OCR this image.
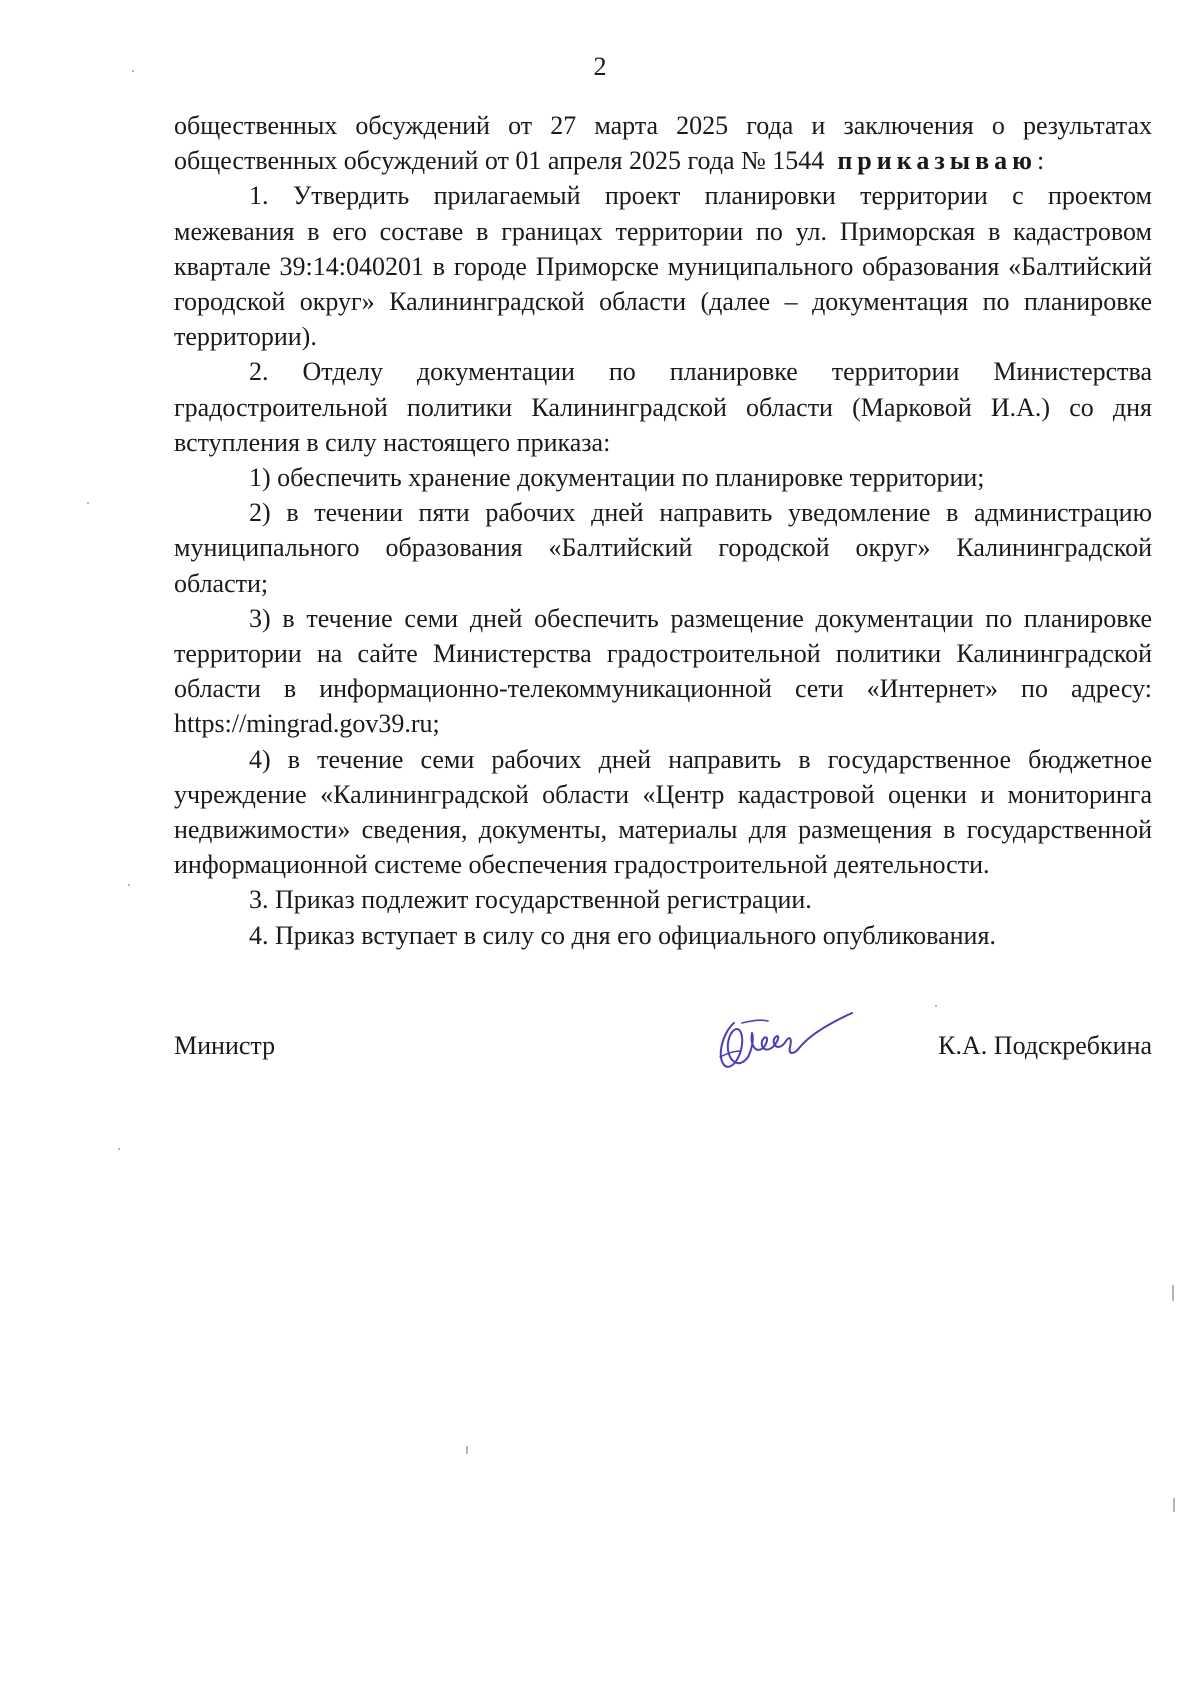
2

общественных обсуждений от 27 марта 2025 года и заключения о результатах общественных обсуждений от 01 апреля 2025 года № 1544 приказываю:

1. Утвердить прилагаемый проект планировки территории с проектом межевания в его составе в границах территории по ул. Приморская в кадастровом квартале 39:14:040201 в городе Приморске муниципального образования «Балтийский городской округ» Калининградской области (далее – документация по планировке территории).

2. Отделу документации по планировке территории Министерства градостроительной политики Калининградской области (Марковой И.А.) со дня вступления в силу настоящего приказа:

1) обеспечить хранение документации по планировке территории;

2) в течении пяти рабочих дней направить уведомление в администрацию муниципального образования «Балтийский городской округ» Калининградской области;

3) в течение семи дней обеспечить размещение документации по планировке территории на сайте Министерства градостроительной политики Калининградской области в информационно-телекоммуникационной сети «Интернет» по адресу: https://mingrad.gov39.ru;

4) в течение семи рабочих дней направить в государственное бюджетное учреждение «Калининградской области «Центр кадастровой оценки и мониторинга недвижимости» сведения, документы, материалы для размещения в государственной информационной системе обеспечения градостроительной деятельности.

3. Приказ подлежит государственной регистрации.

4. Приказ вступает в силу со дня его официального опубликования.

Министр	К.А. Подскребкина
